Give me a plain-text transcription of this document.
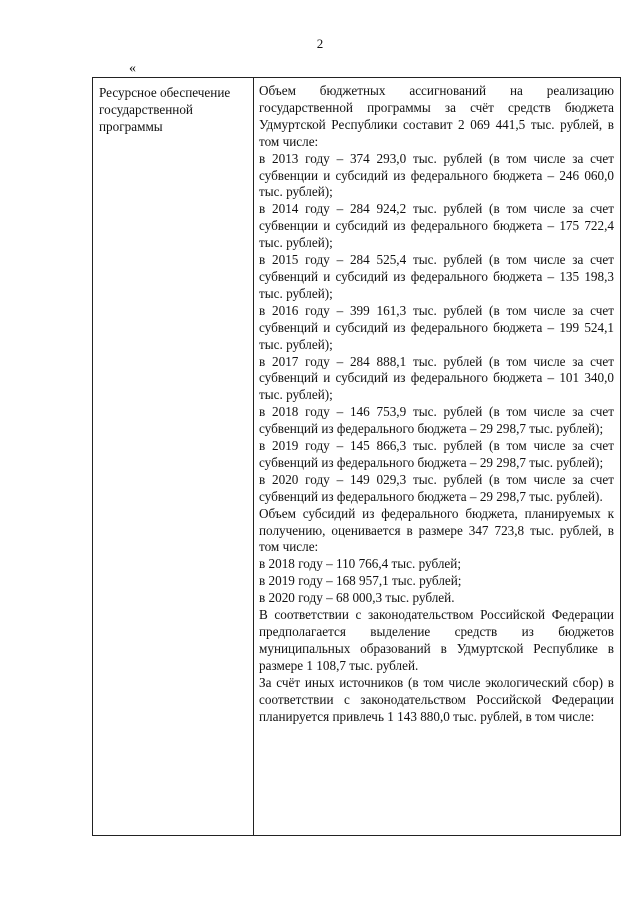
2
«
Ресурсное обеспечение государственной программы

Объем бюджетных ассигнований на реализацию государственной программы за счёт средств бюджета Удмуртской Республики составит 2 069 441,5 тыс. рублей, в том числе:

в 2013 году – 374 293,0 тыс. рублей (в том числе за счет субвенции и субсидий из федерального бюджета – 246 060,0 тыс. рублей);

в 2014 году – 284 924,2 тыс. рублей (в том числе за счет субвенции и субсидий из федерального бюджета – 175 722,4 тыс. рублей);

в 2015 году – 284 525,4 тыс. рублей (в том числе за счет субвенций и субсидий из федерального бюджета – 135 198,3 тыс. рублей);

в 2016 году – 399 161,3 тыс. рублей (в том числе за счет субвенций и субсидий из федерального бюджета – 199 524,1 тыс. рублей);

в 2017 году – 284 888,1 тыс. рублей (в том числе за счет субвенций и субсидий из федерального бюджета – 101 340,0 тыс. рублей);

в 2018 году – 146 753,9 тыс. рублей (в том числе за счет субвенций из федерального бюджета – 29 298,7 тыс. рублей);

в 2019 году – 145 866,3 тыс. рублей (в том числе за счет субвенций из федерального бюджета – 29 298,7 тыс. рублей);

в 2020 году – 149 029,3 тыс. рублей (в том числе за счет субвенций из федерального бюджета – 29 298,7 тыс. рублей).

Объем субсидий из федерального бюджета, планируемых к получению, оценивается в размере 347 723,8 тыс. рублей, в том числе:

в 2018 году – 110 766,4 тыс. рублей;

в 2019 году – 168 957,1 тыс. рублей;

в 2020 году – 68 000,3 тыс. рублей.

В соответствии с законодательством Российской Федерации предполагается выделение средств из бюджетов муниципальных образований в Удмуртской Республике в размере 1 108,7 тыс. рублей.

За счёт иных источников (в том числе экологический сбор) в соответствии с законодательством Российской Федерации планируется привлечь 1 143 880,0 тыс. рублей, в том числе:
